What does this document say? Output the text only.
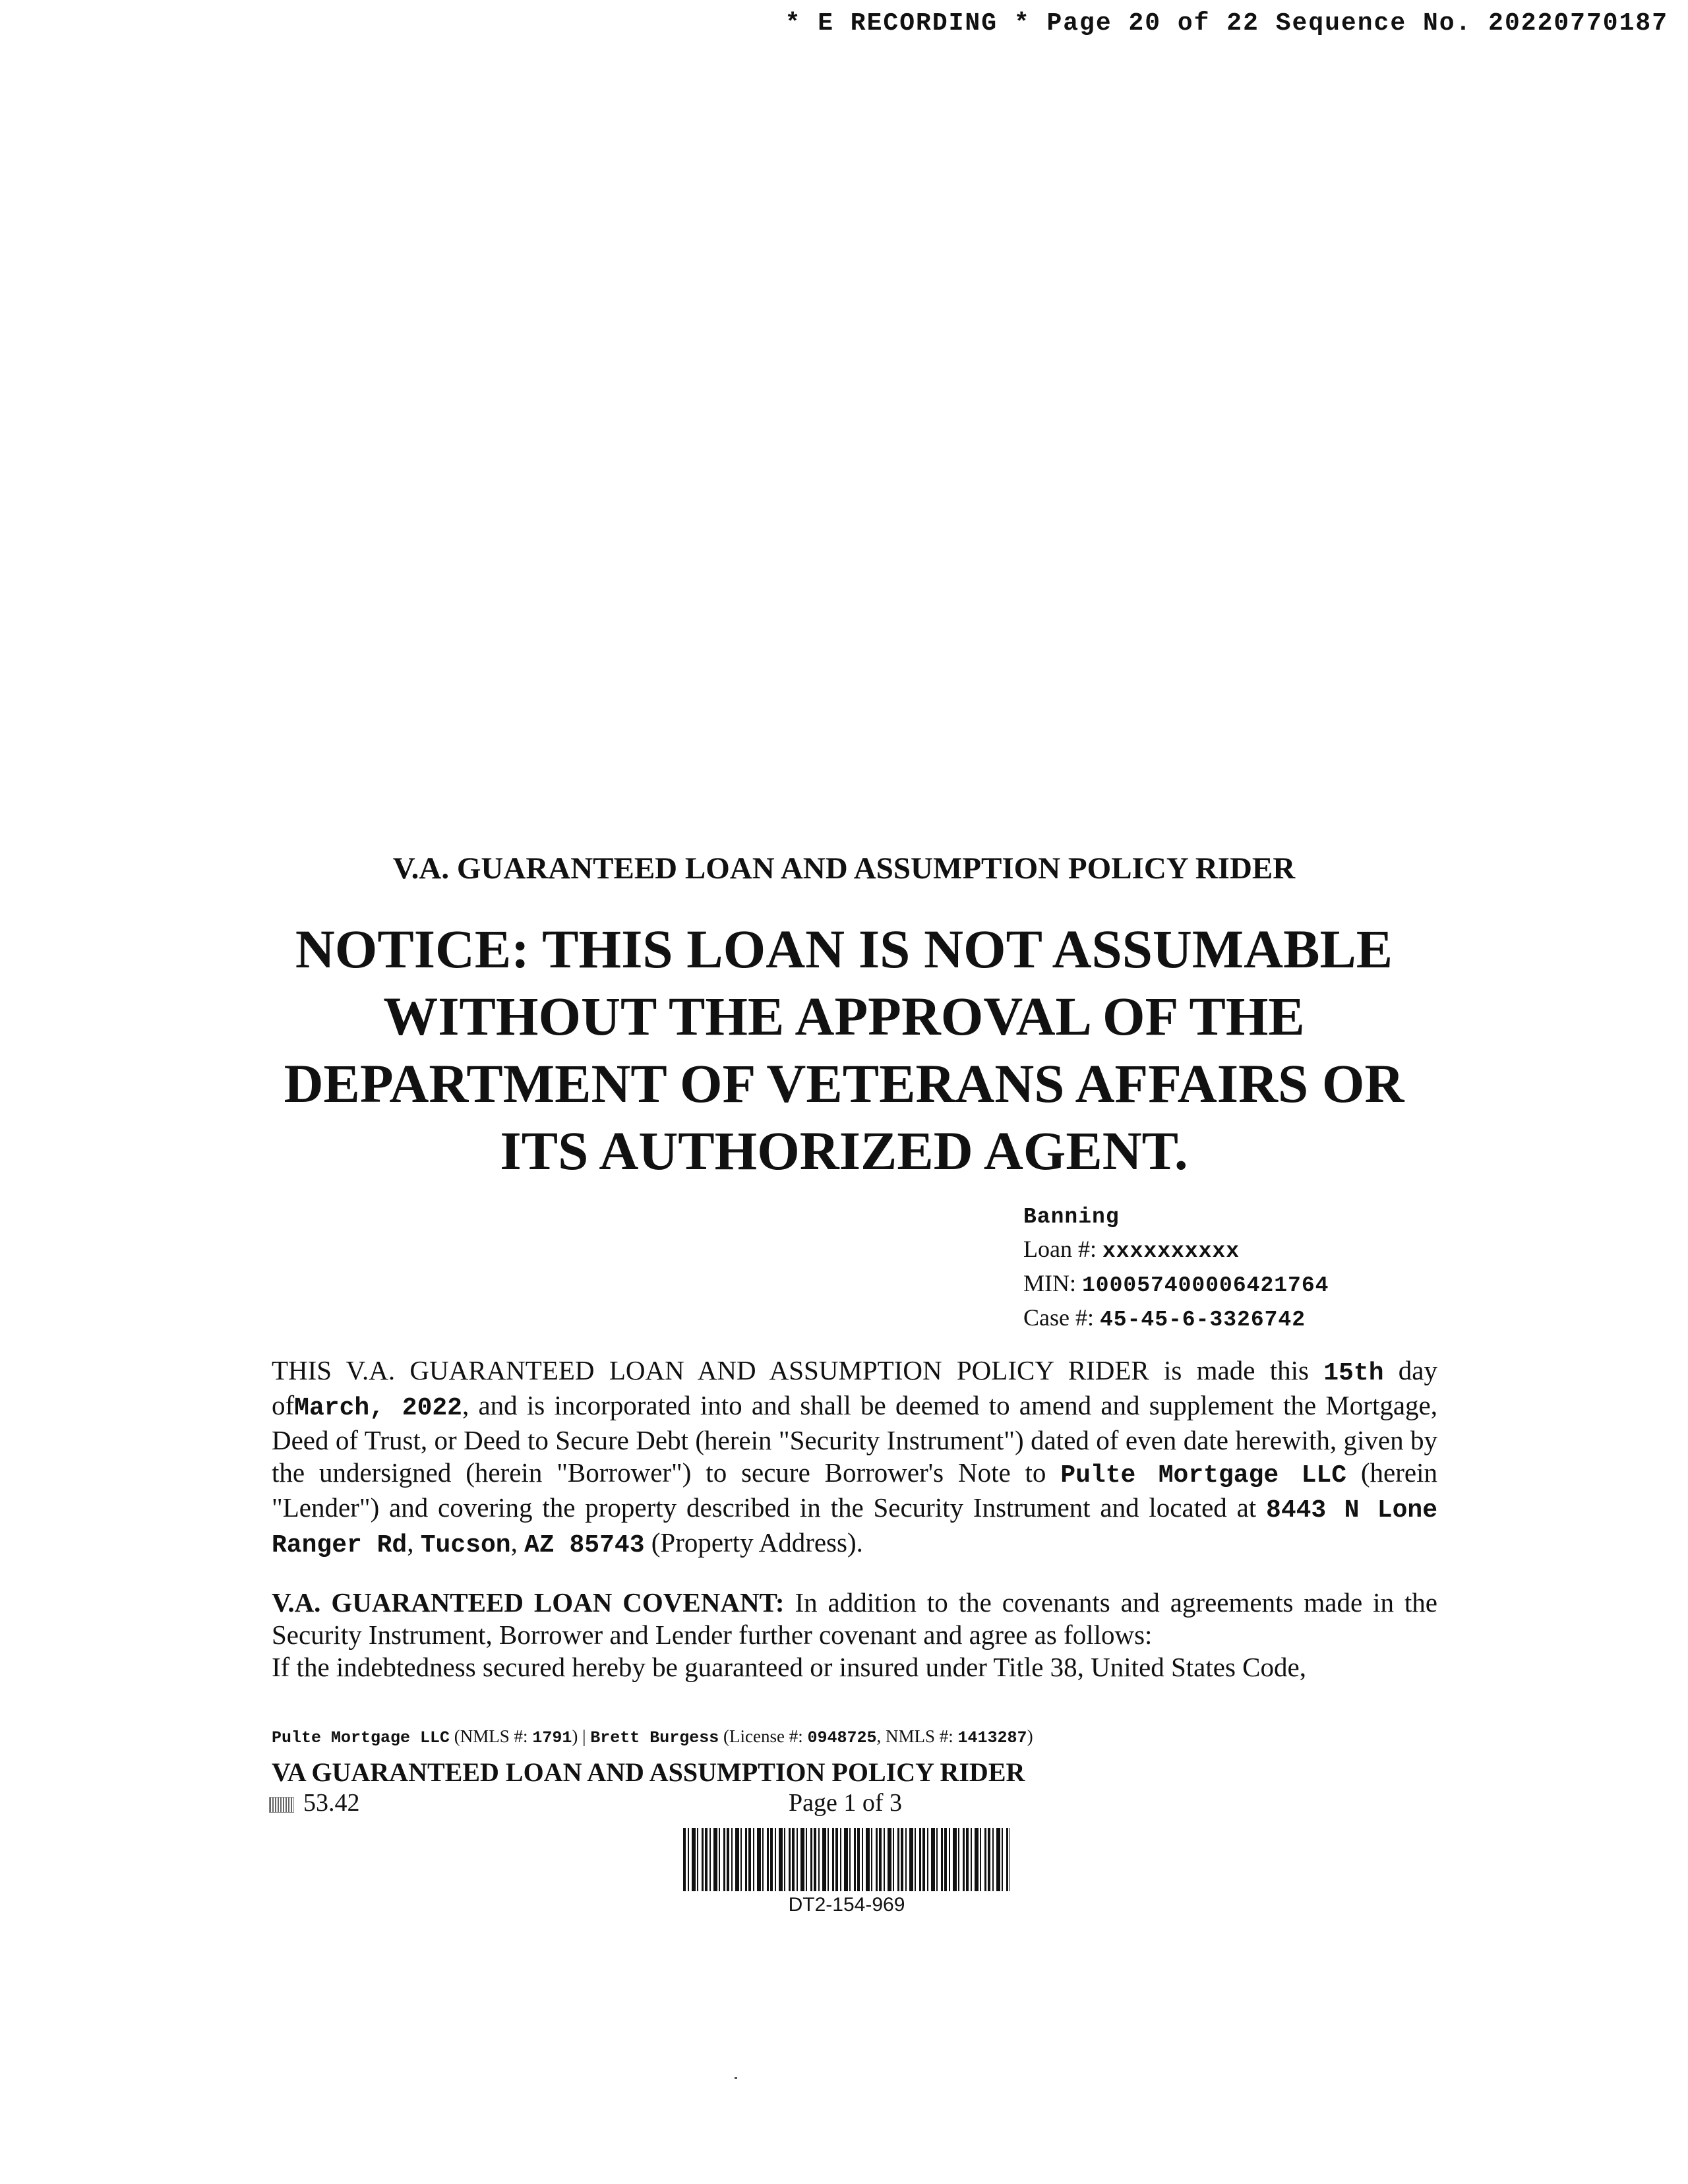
* E RECORDING * Page 20 of 22 Sequence No. 20220770187
V.A. GUARANTEED LOAN AND ASSUMPTION POLICY RIDER
NOTICE: THIS LOAN IS NOT ASSUMABLE
WITHOUT THE APPROVAL OF THE
DEPARTMENT OF VETERANS AFFAIRS OR
ITS AUTHORIZED AGENT.
Banning
Loan #: xxxxxxxxxx
MIN: 100057400006421764
Case #: 45-45-6-3326742
THIS V.A. GUARANTEED LOAN AND ASSUMPTION POLICY RIDER is made this 15th day ofMarch, 2022, and is incorporated into and shall be deemed to amend and supplement the Mortgage, Deed of Trust, or Deed to Secure Debt (herein "Security Instrument") dated of even date herewith, given by the undersigned (herein "Borrower") to secure Borrower's Note to Pulte Mortgage LLC (herein "Lender") and covering the property described in the Security Instrument and located at 8443 N Lone Ranger Rd, Tucson, AZ 85743 (Property Address).
V.A. GUARANTEED LOAN COVENANT: In addition to the covenants and agreements made in the Security Instrument, Borrower and Lender further covenant and agree as follows:
If the indebtedness secured hereby be guaranteed or insured under Title 38, United States Code,
Pulte Mortgage LLC (NMLS #: 1791) | Brett Burgess (License #: 0948725, NMLS #: 1413287)
VA GUARANTEED LOAN AND ASSUMPTION POLICY RIDER
53.42	Page 1 of 3
DT2-154-969
